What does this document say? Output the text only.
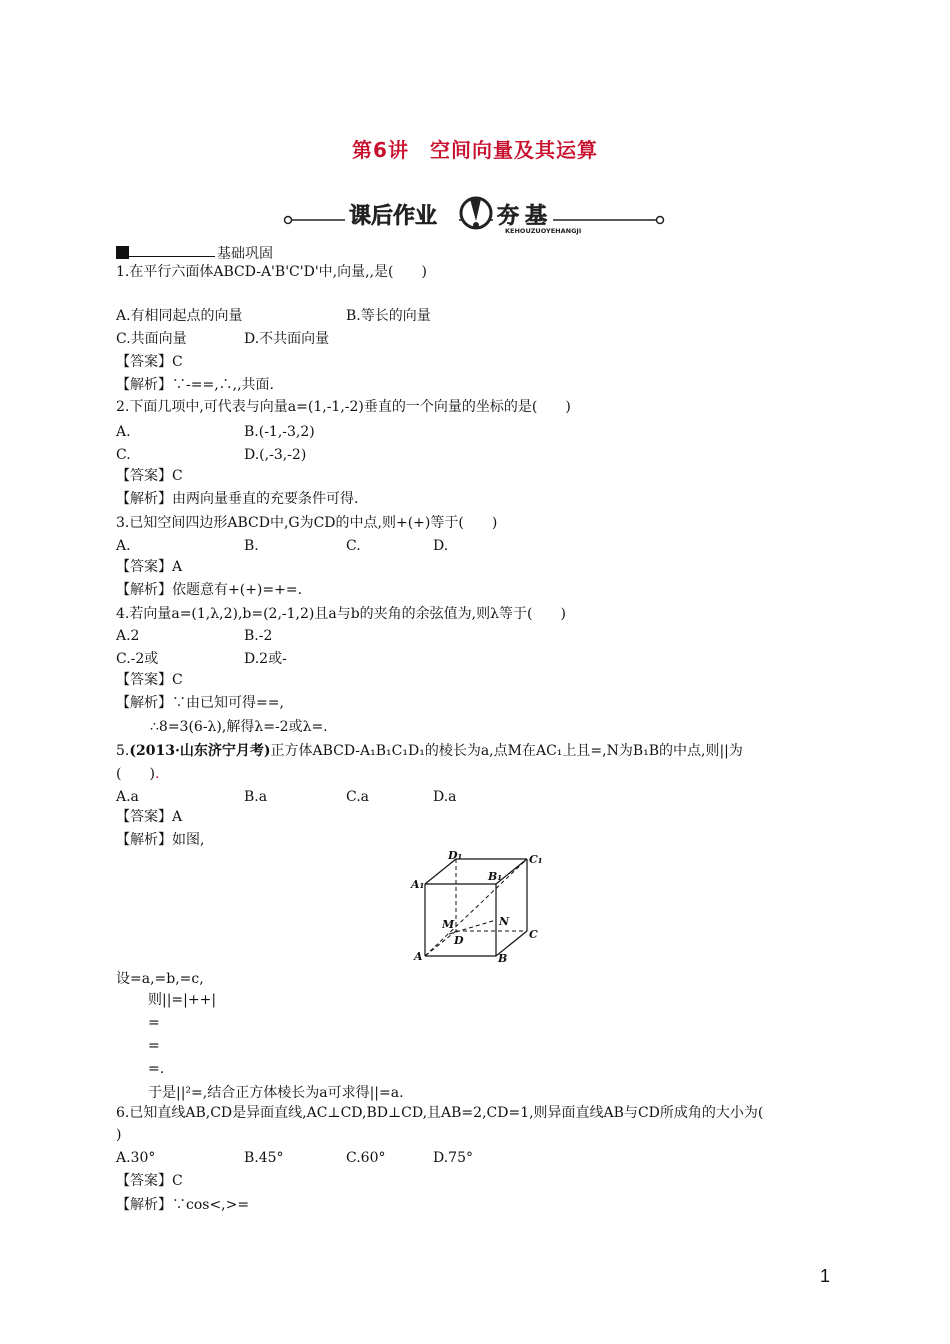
第6讲　空间向量及其运算
课后作业	夯基
KEHOUZUOYEHANGJI
基础巩固
1.在平行六面体ABCD-A'B'C'D'中,向量,,是(　　)
A.有相同起点的向量	B.等长的向量
C.共面向量	D.不共面向量
【答案】C
【解析】∵-==,∴,,共面.
2.下面几项中,可代表与向量a=(1,-1,-2)垂直的一个向量的坐标的是(　　)
A.	B.(-1,-3,2)
C.	D.(,-3,-2)
【答案】C
【解析】由两向量垂直的充要条件可得.
3.已知空间四边形ABCD中,G为CD的中点,则+(+)等于(　　)
A.	B.	C.	D.
【答案】A
【解析】依题意有+(+)=+=.
4.若向量a=(1,λ,2),b=(2,-1,2)且a与b的夹角的余弦值为,则λ等于(　　)
A.2	B.-2
C.-2或	D.2或-
【答案】C
【解析】∵由已知可得==,
∴8=3(6-λ),解得λ=-2或λ=.
5.(2013·山东济宁月考)正方体ABCD-A₁B₁C₁D₁的棱长为a,点M在AC₁上且=,N为B₁B的中点,则||为
(　　).
A.a	B.a	C.a	D.a
【答案】A
【解析】如图,
D₁	C₁
A₁
B₁
M	N
D	C
A	B
设=a,=b,=c,
则||=|++|
=
=
=.
于是||²=,结合正方体棱长为a可求得||=a.
6.已知直线AB,CD是异面直线,AC⊥CD,BD⊥CD,且AB=2,CD=1,则异面直线AB与CD所成角的大小为(
)
A.30°	B.45°	C.60°	D.75°
【答案】C
【解析】∵cos<,>=
1
